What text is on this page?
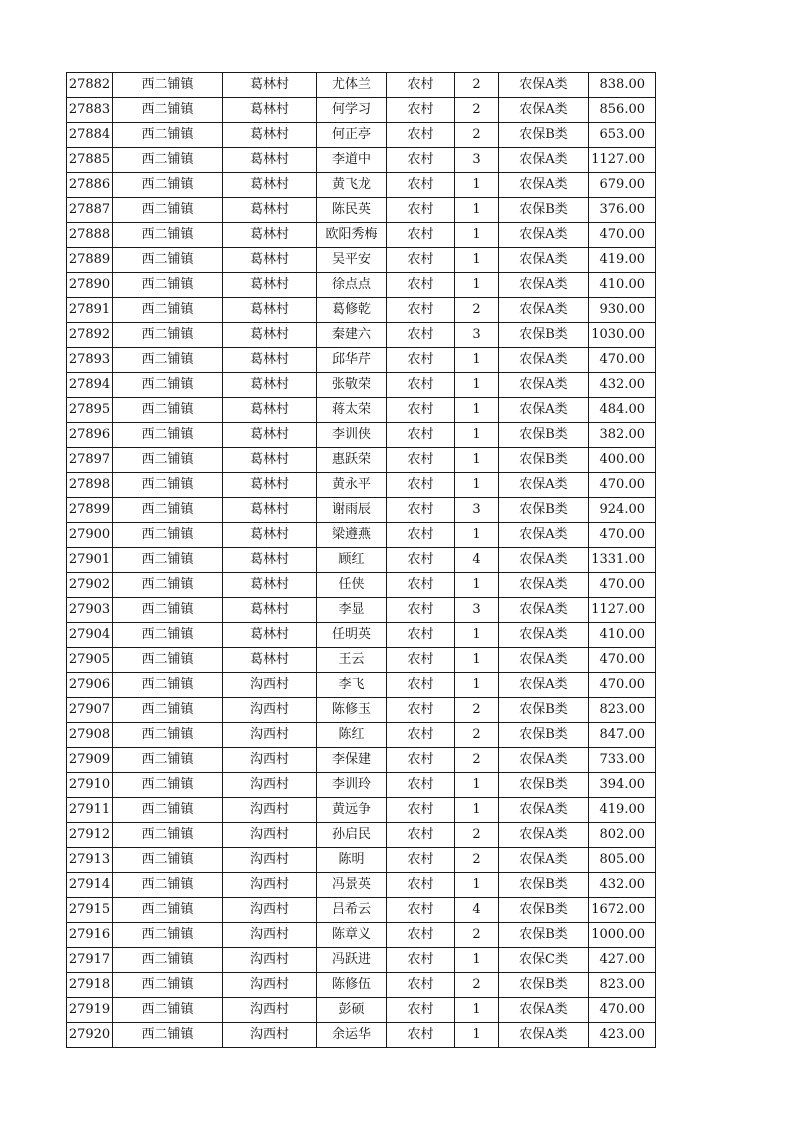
27882	西二铺镇	葛林村	尤体兰	农村	2	农保A类	838.00
27883	西二铺镇	葛林村	何学习	农村	2	农保A类	856.00
27884	西二铺镇	葛林村	何正亭	农村	2	农保B类	653.00
27885	西二铺镇	葛林村	李道中	农村	3	农保A类	1127.00
27886	西二铺镇	葛林村	黄飞龙	农村	1	农保A类	679.00
27887	西二铺镇	葛林村	陈民英	农村	1	农保B类	376.00
27888	西二铺镇	葛林村	欧阳秀梅	农村	1	农保A类	470.00
27889	西二铺镇	葛林村	吴平安	农村	1	农保A类	419.00
27890	西二铺镇	葛林村	徐点点	农村	1	农保A类	410.00
27891	西二铺镇	葛林村	葛修乾	农村	2	农保A类	930.00
27892	西二铺镇	葛林村	秦建六	农村	3	农保B类	1030.00
27893	西二铺镇	葛林村	邱华芹	农村	1	农保A类	470.00
27894	西二铺镇	葛林村	张敬荣	农村	1	农保A类	432.00
27895	西二铺镇	葛林村	蒋太荣	农村	1	农保A类	484.00
27896	西二铺镇	葛林村	李训侠	农村	1	农保B类	382.00
27897	西二铺镇	葛林村	惠跃荣	农村	1	农保B类	400.00
27898	西二铺镇	葛林村	黄永平	农村	1	农保A类	470.00
27899	西二铺镇	葛林村	谢雨辰	农村	3	农保B类	924.00
27900	西二铺镇	葛林村	梁遵燕	农村	1	农保A类	470.00
27901	西二铺镇	葛林村	顾红	农村	4	农保A类	1331.00
27902	西二铺镇	葛林村	任侠	农村	1	农保A类	470.00
27903	西二铺镇	葛林村	李显	农村	3	农保A类	1127.00
27904	西二铺镇	葛林村	任明英	农村	1	农保A类	410.00
27905	西二铺镇	葛林村	王云	农村	1	农保A类	470.00
27906	西二铺镇	沟西村	李飞	农村	1	农保A类	470.00
27907	西二铺镇	沟西村	陈修玉	农村	2	农保B类	823.00
27908	西二铺镇	沟西村	陈红	农村	2	农保B类	847.00
27909	西二铺镇	沟西村	李保建	农村	2	农保A类	733.00
27910	西二铺镇	沟西村	李训玲	农村	1	农保B类	394.00
27911	西二铺镇	沟西村	黄远争	农村	1	农保A类	419.00
27912	西二铺镇	沟西村	孙启民	农村	2	农保A类	802.00
27913	西二铺镇	沟西村	陈明	农村	2	农保A类	805.00
27914	西二铺镇	沟西村	冯景英	农村	1	农保B类	432.00
27915	西二铺镇	沟西村	吕希云	农村	4	农保B类	1672.00
27916	西二铺镇	沟西村	陈章义	农村	2	农保B类	1000.00
27917	西二铺镇	沟西村	冯跃进	农村	1	农保C类	427.00
27918	西二铺镇	沟西村	陈修伍	农村	2	农保B类	823.00
27919	西二铺镇	沟西村	彭硕	农村	1	农保A类	470.00
27920	西二铺镇	沟西村	余运华	农村	1	农保A类	423.00
